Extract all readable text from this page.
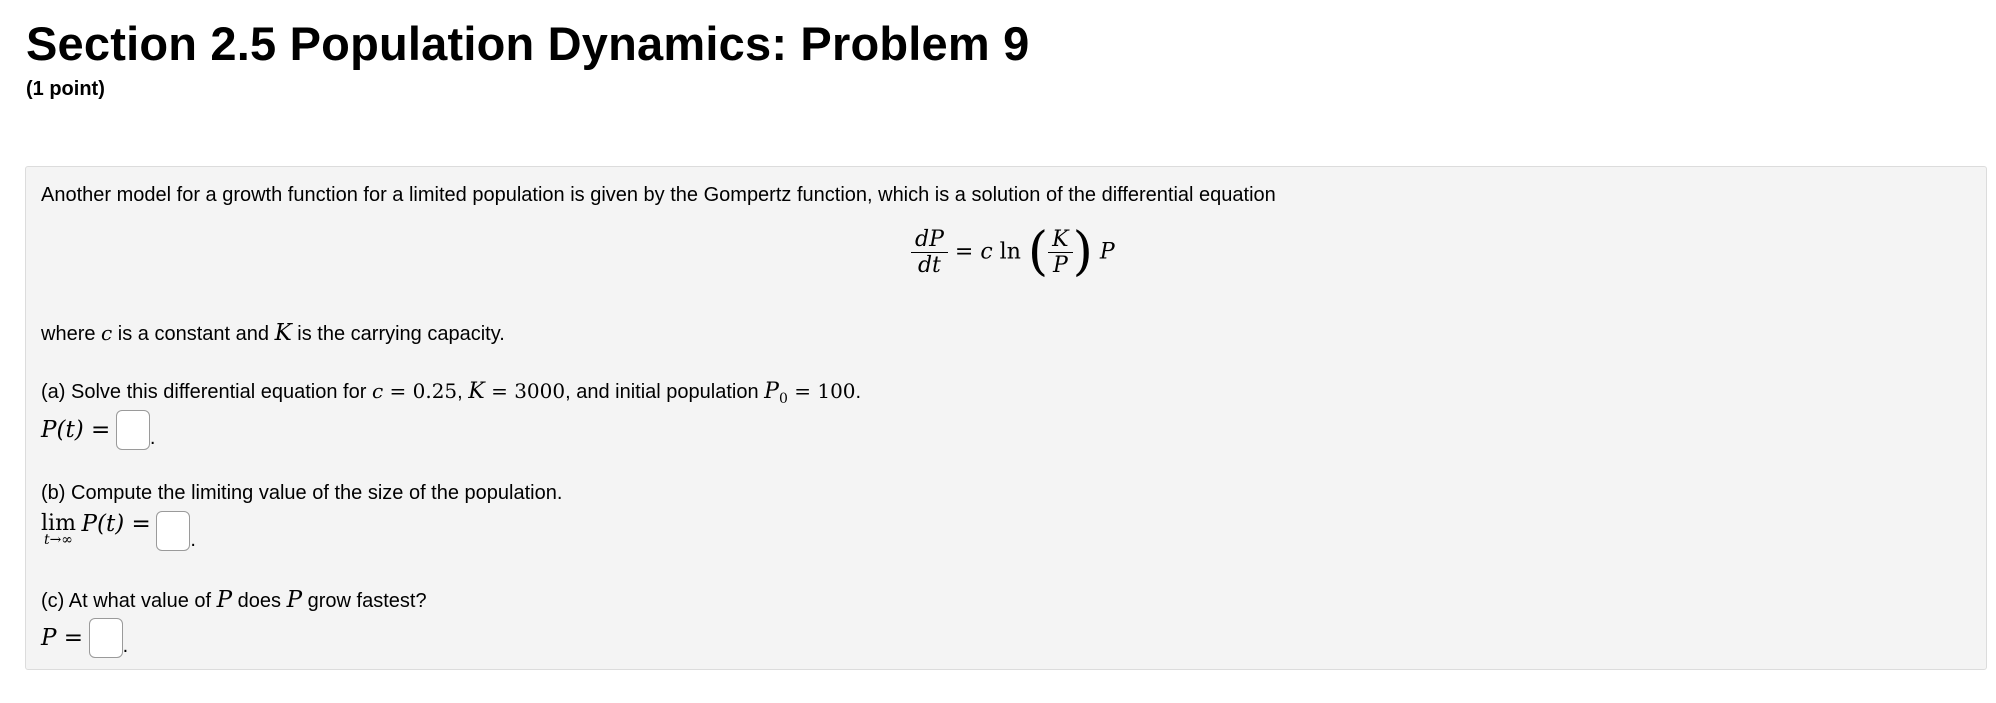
Section 2.5 Population Dynamics: Problem 9
(1 point)
Another model for a growth function for a limited population is given by the Gompertz function, which is a solution of the differential equation
$\frac{dP}{dt} = c$ ln ( $\frac{K}{P}$ ) P
where c is a constant and K is the carrying capacity.
(a) Solve this differential equation for c = 0.25, K = 3000, and initial population $P_0 = 100$.
P(t) = .
(b) Compute the limiting value of the size of the population.
lim
t→∞
P(t) = .
(c) At what value of P does P grow fastest?
P = .
